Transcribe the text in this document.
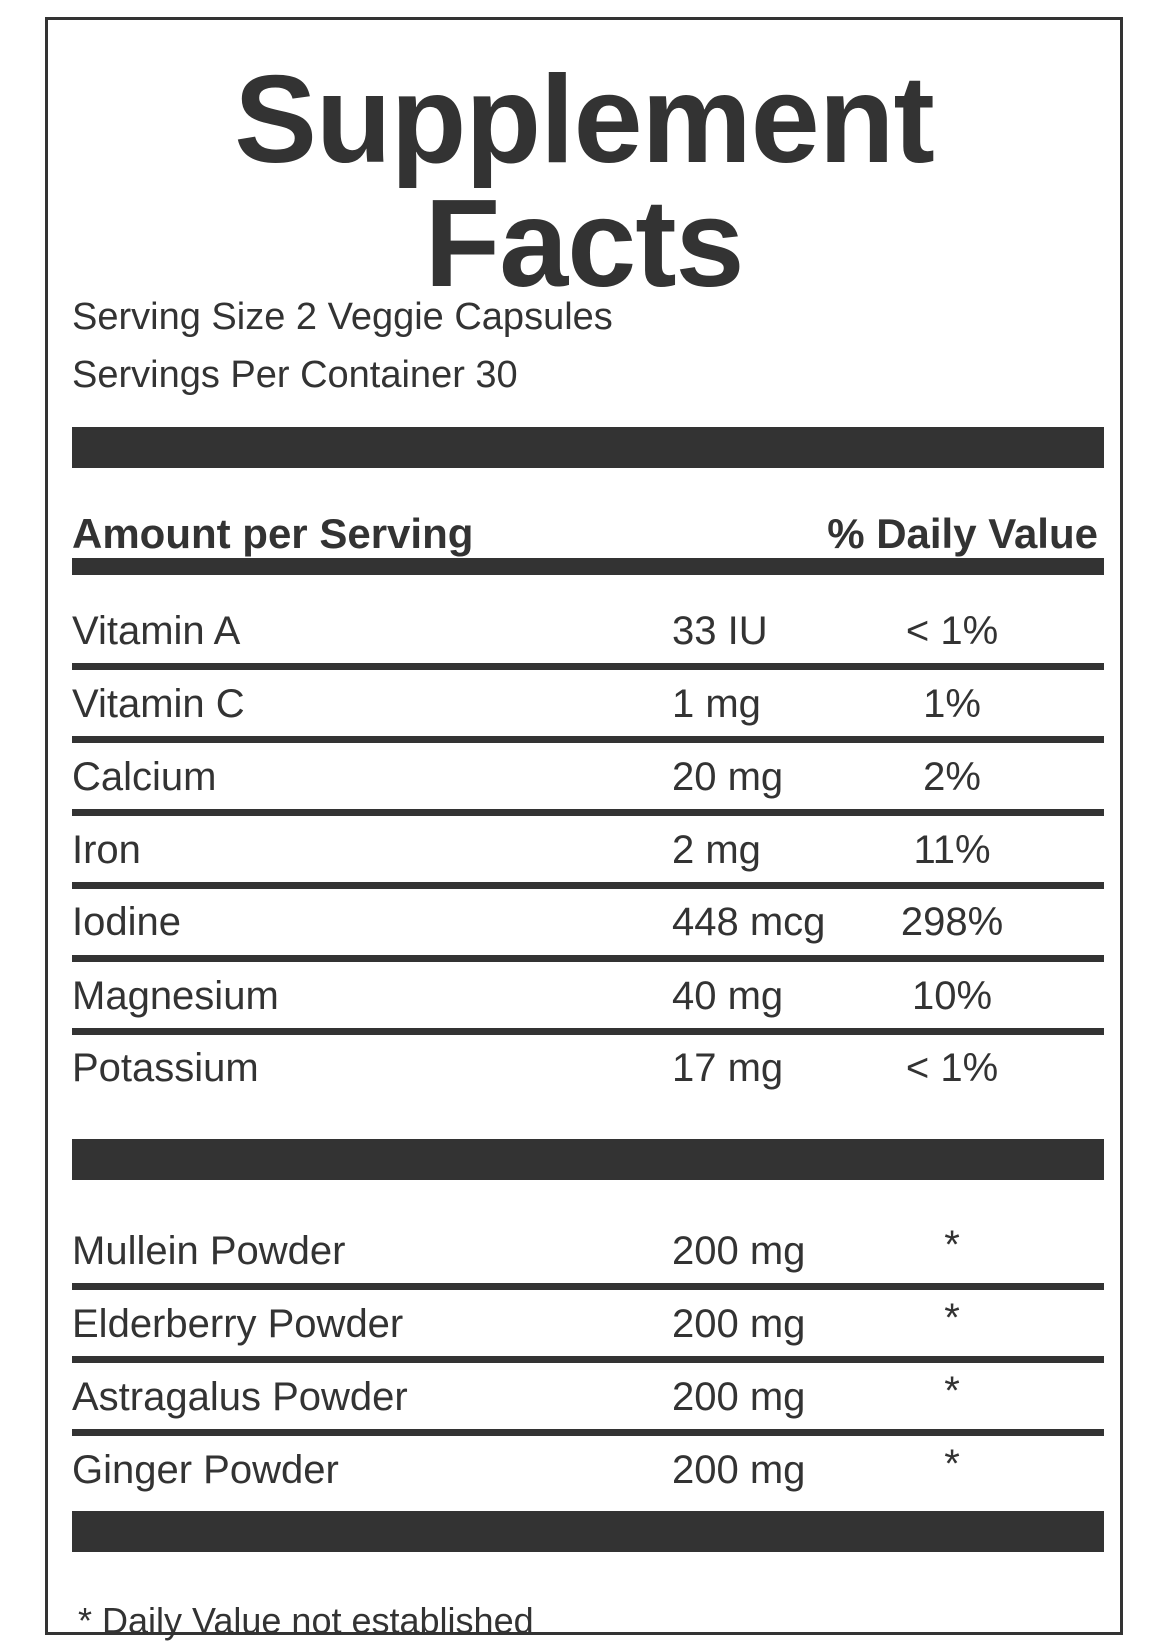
Supplement
Facts
Serving Size 2 Veggie Capsules
Servings Per Container 30
Amount per Serving	% Daily Value
Vitamin A	33 IU	< 1%
Vitamin C	1 mg	1%
Calcium	20 mg	2%
Iron	2 mg	11%
Iodine	448 mcg	298%
Magnesium	40 mg	10%
Potassium	17 mg	< 1%
Mullein Powder	200 mg	*
Elderberry Powder	200 mg	*
Astragalus Powder	200 mg	*
Ginger Powder	200 mg	*
* Daily Value not established
